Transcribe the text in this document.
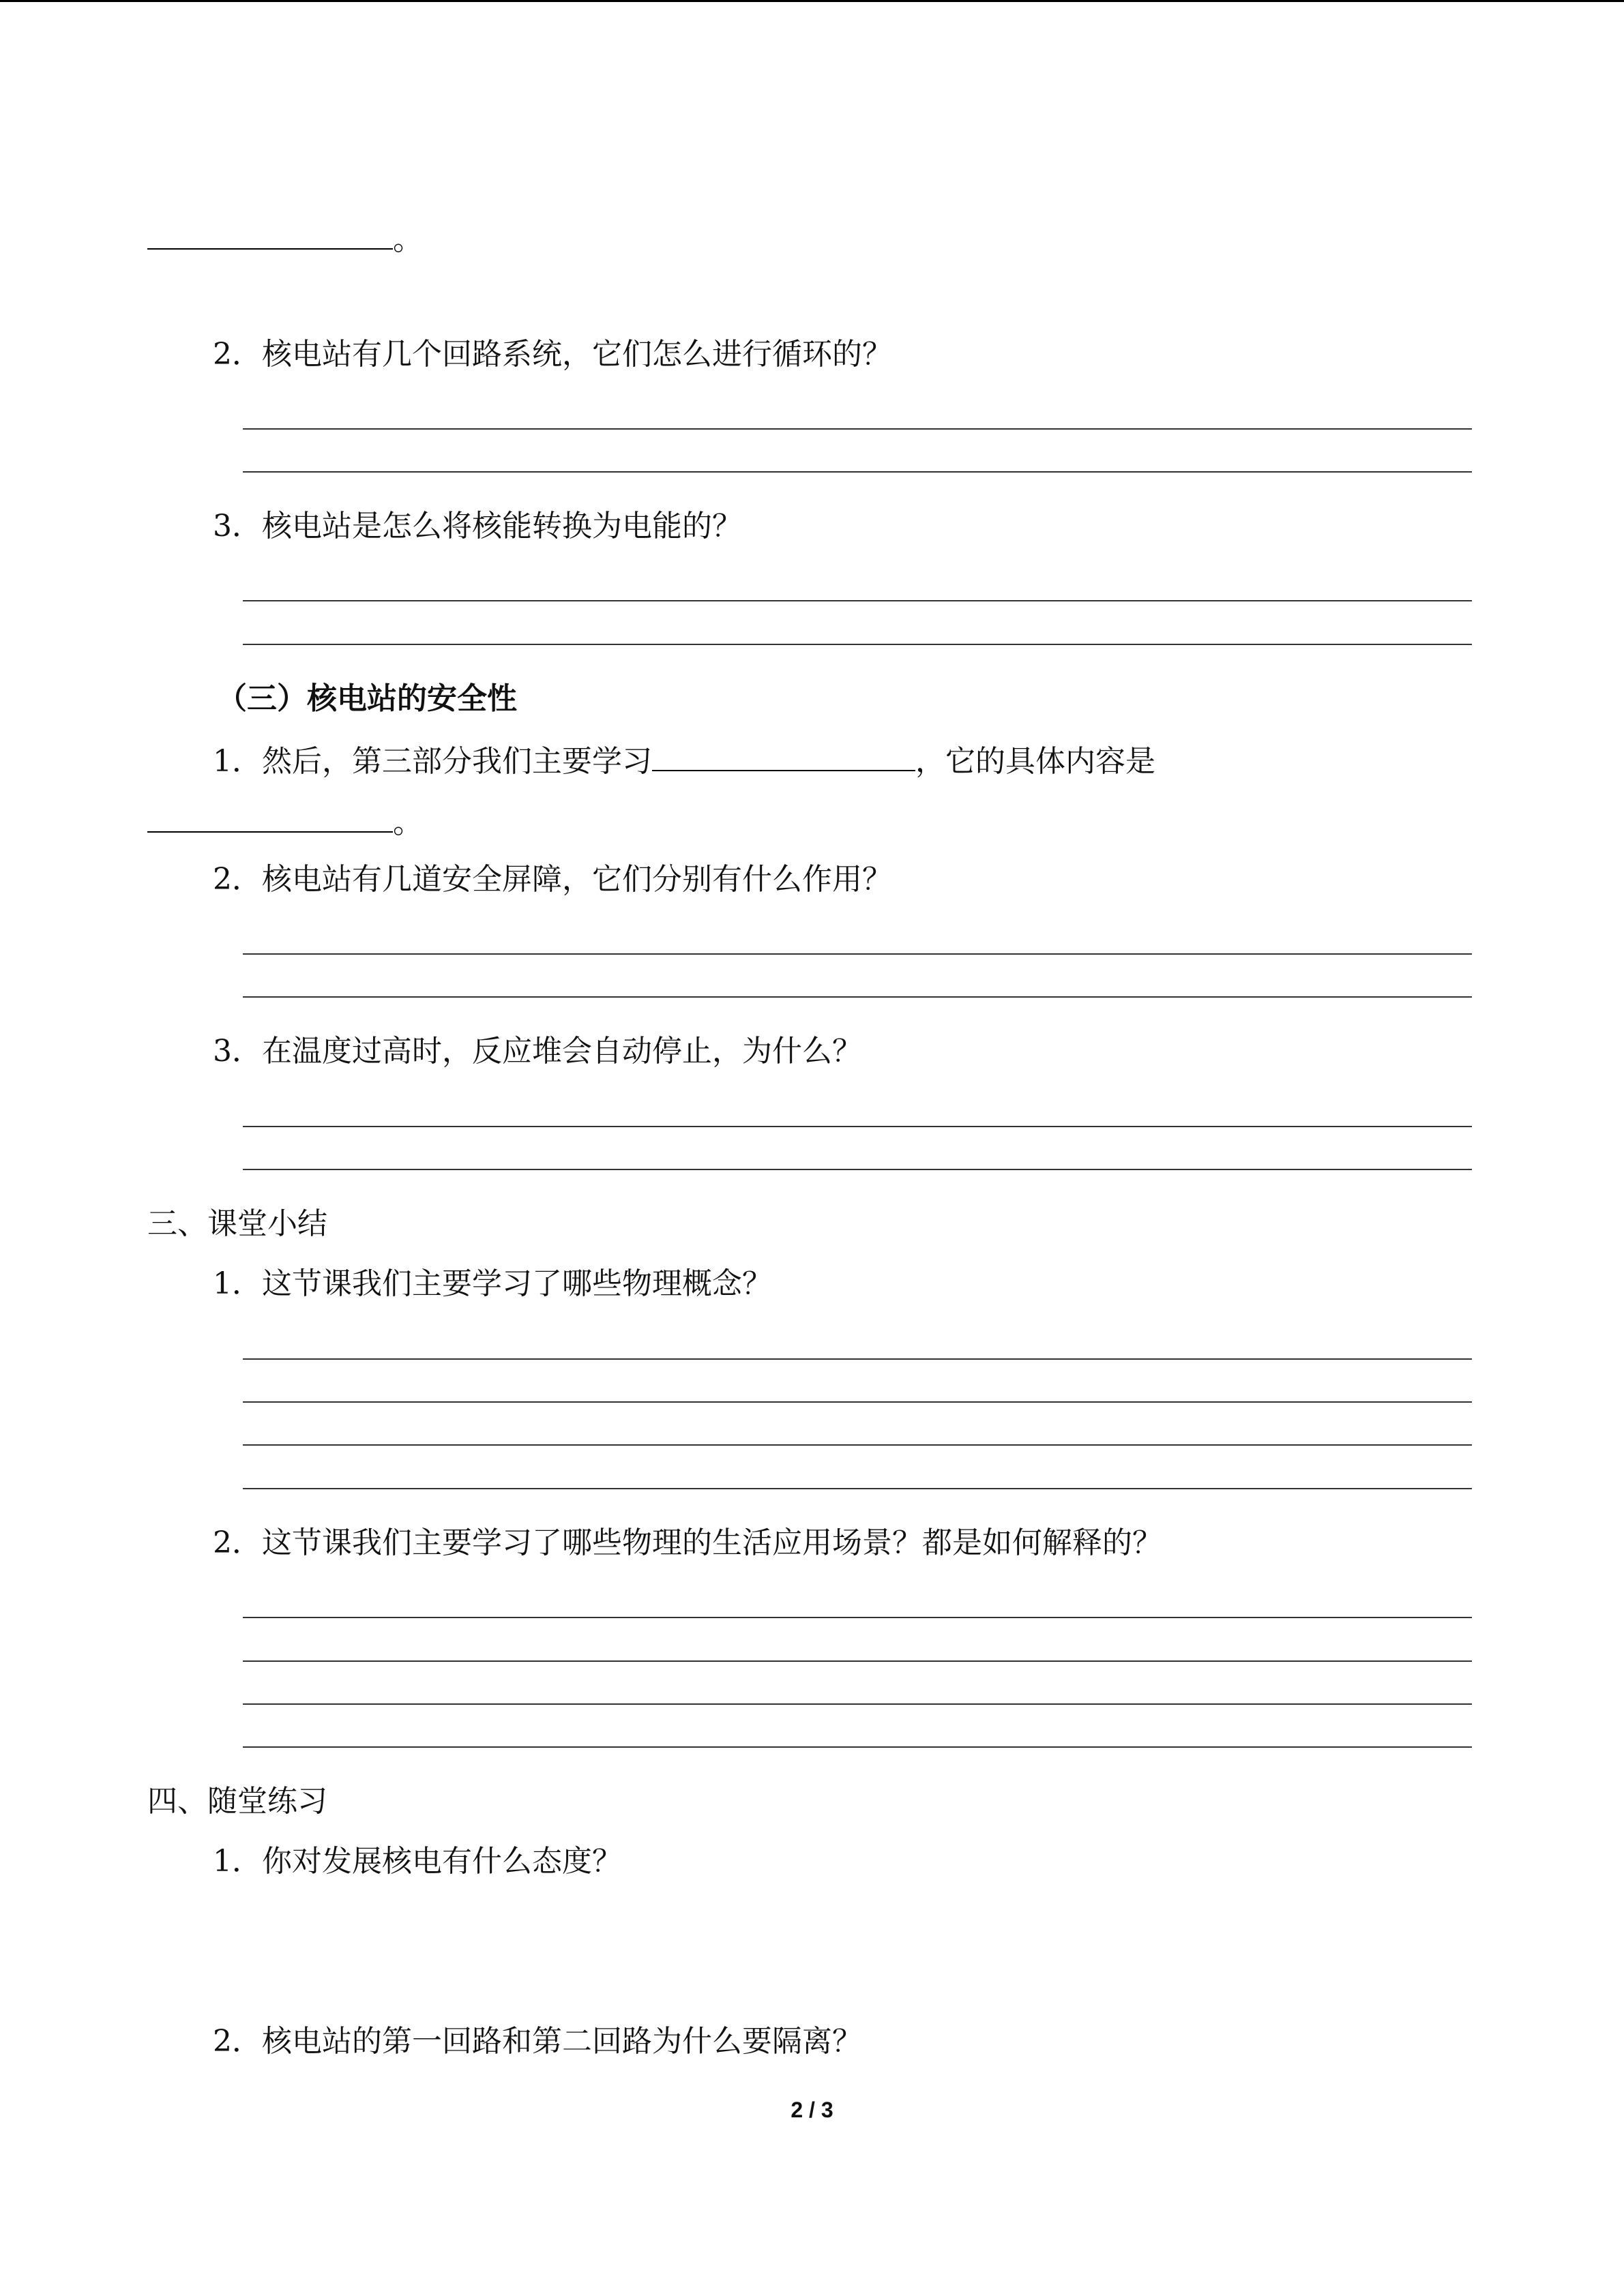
。
2．核电站有几个回路系统，它们怎么进行循环的？
3．核电站是怎么将核能转换为电能的？
（三）核电站的安全性
1．然后，第三部分我们主要学习	，它的具体内容是
。
2．核电站有几道安全屏障，它们分别有什么作用？
3．在温度过高时，反应堆会自动停止，为什么？
三、课堂小结
1．这节课我们主要学习了哪些物理概念？
2．这节课我们主要学习了哪些物理的生活应用场景？都是如何解释的？
四、随堂练习
1．你对发展核电有什么态度？
2．核电站的第一回路和第二回路为什么要隔离？
2 / 3
